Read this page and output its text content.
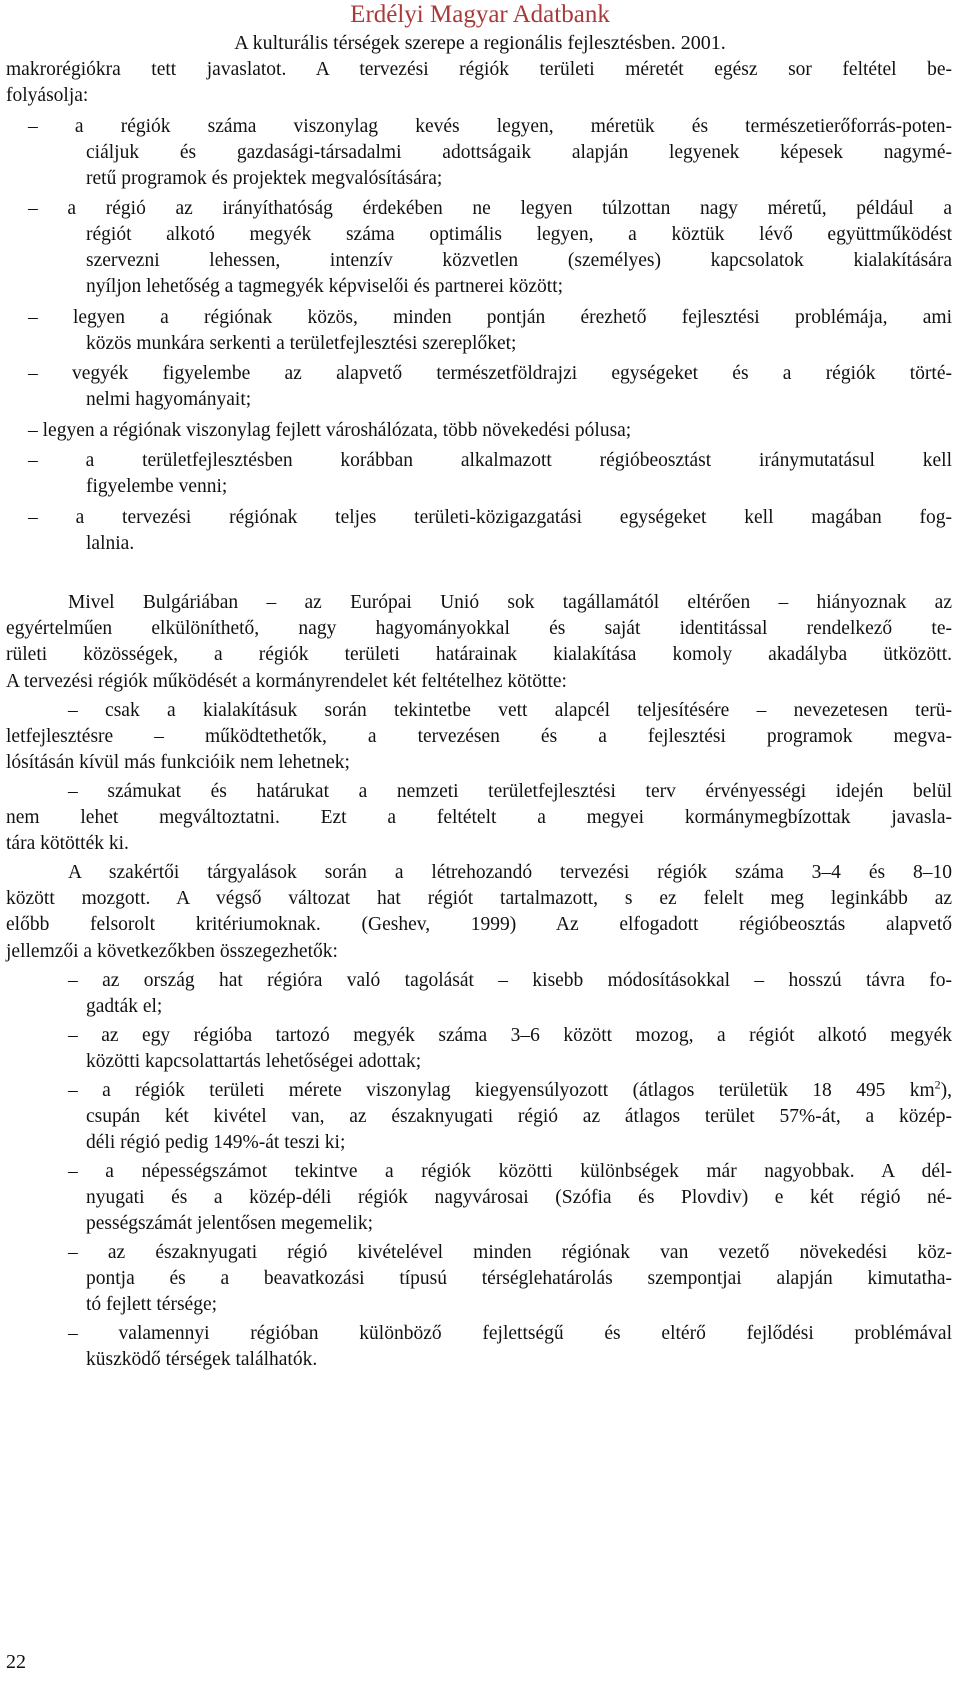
Erdélyi Magyar Adatbank
A kulturális térségek szerepe a regionális fejlesztésben. 2001.
makrorégiókra tett javaslatot. A tervezési régiók területi méretét egész sor feltétel be-
folyásolja:
– a régiók száma viszonylag kevés legyen, méretük és természetierőforrás-poten-
ciáljuk és gazdasági-társadalmi adottságaik alapján legyenek képesek nagymé-
retű programok és projektek megvalósítására;
– a régió az irányíthatóság érdekében ne legyen túlzottan nagy méretű, például a
régiót alkotó megyék száma optimális legyen, a köztük lévő együttműködést
szervezni lehessen, intenzív közvetlen (személyes) kapcsolatok kialakítására
nyíljon lehetőség a tagmegyék képviselői és partnerei között;
– legyen a régiónak közös, minden pontján érezhető fejlesztési problémája, ami
közös munkára serkenti a területfejlesztési szereplőket;
– vegyék figyelembe az alapvető természetföldrajzi egységeket és a régiók törté-
nelmi hagyományait;
– legyen a régiónak viszonylag fejlett városhálózata, több növekedési pólusa;
– a területfejlesztésben korábban alkalmazott régióbeosztást iránymutatásul kell
figyelembe venni;
– a tervezési régiónak teljes területi-közigazgatási egységeket kell magában fog-
lalnia.
Mivel Bulgáriában – az Európai Unió sok tagállamától eltérően – hiányoznak az
egyértelműen elkülöníthető, nagy hagyományokkal és saját identitással rendelkező te-
rületi közösségek, a régiók területi határainak kialakítása komoly akadályba ütközött.
A tervezési régiók működését a kormányrendelet két feltételhez kötötte:
– csak a kialakításuk során tekintetbe vett alapcél teljesítésére – nevezetesen terü-
letfejlesztésre – működtethetők, a tervezésen és a fejlesztési programok megva-
lósításán kívül más funkcióik nem lehetnek;
– számukat és határukat a nemzeti területfejlesztési terv érvényességi idején belül
nem lehet megváltoztatni. Ezt a feltételt a megyei kormánymegbízottak javasla-
tára kötötték ki.
A szakértői tárgyalások során a létrehozandó tervezési régiók száma 3–4 és 8–10
között mozgott. A végső változat hat régiót tartalmazott, s ez felelt meg leginkább az
előbb felsorolt kritériumoknak. (Geshev, 1999) Az elfogadott régióbeosztás alapvető
jellemzői a következőkben összegezhetők:
– az ország hat régióra való tagolását – kisebb módosításokkal – hosszú távra fo-
gadták el;
– az egy régióba tartozó megyék száma 3–6 között mozog, a régiót alkotó megyék
közötti kapcsolattartás lehetőségei adottak;
– a régiók területi mérete viszonylag kiegyensúlyozott (átlagos területük 18 495 $km^2$),
csupán két kivétel van, az északnyugati régió az átlagos terület 57%-át, a közép-
déli régió pedig 149%-át teszi ki;
– a népességszámot tekintve a régiók közötti különbségek már nagyobbak. A dél-
nyugati és a közép-déli régiók nagyvárosai (Szófia és Plovdiv) e két régió né-
pességszámát jelentősen megemelik;
– az északnyugati régió kivételével minden régiónak van vezető növekedési köz-
pontja és a beavatkozási típusú térséglehatárolás szempontjai alapján kimutatha-
tó fejlett térsége;
– valamennyi régióban különböző fejlettségű és eltérő fejlődési problémával
küszködő térségek találhatók.
22
